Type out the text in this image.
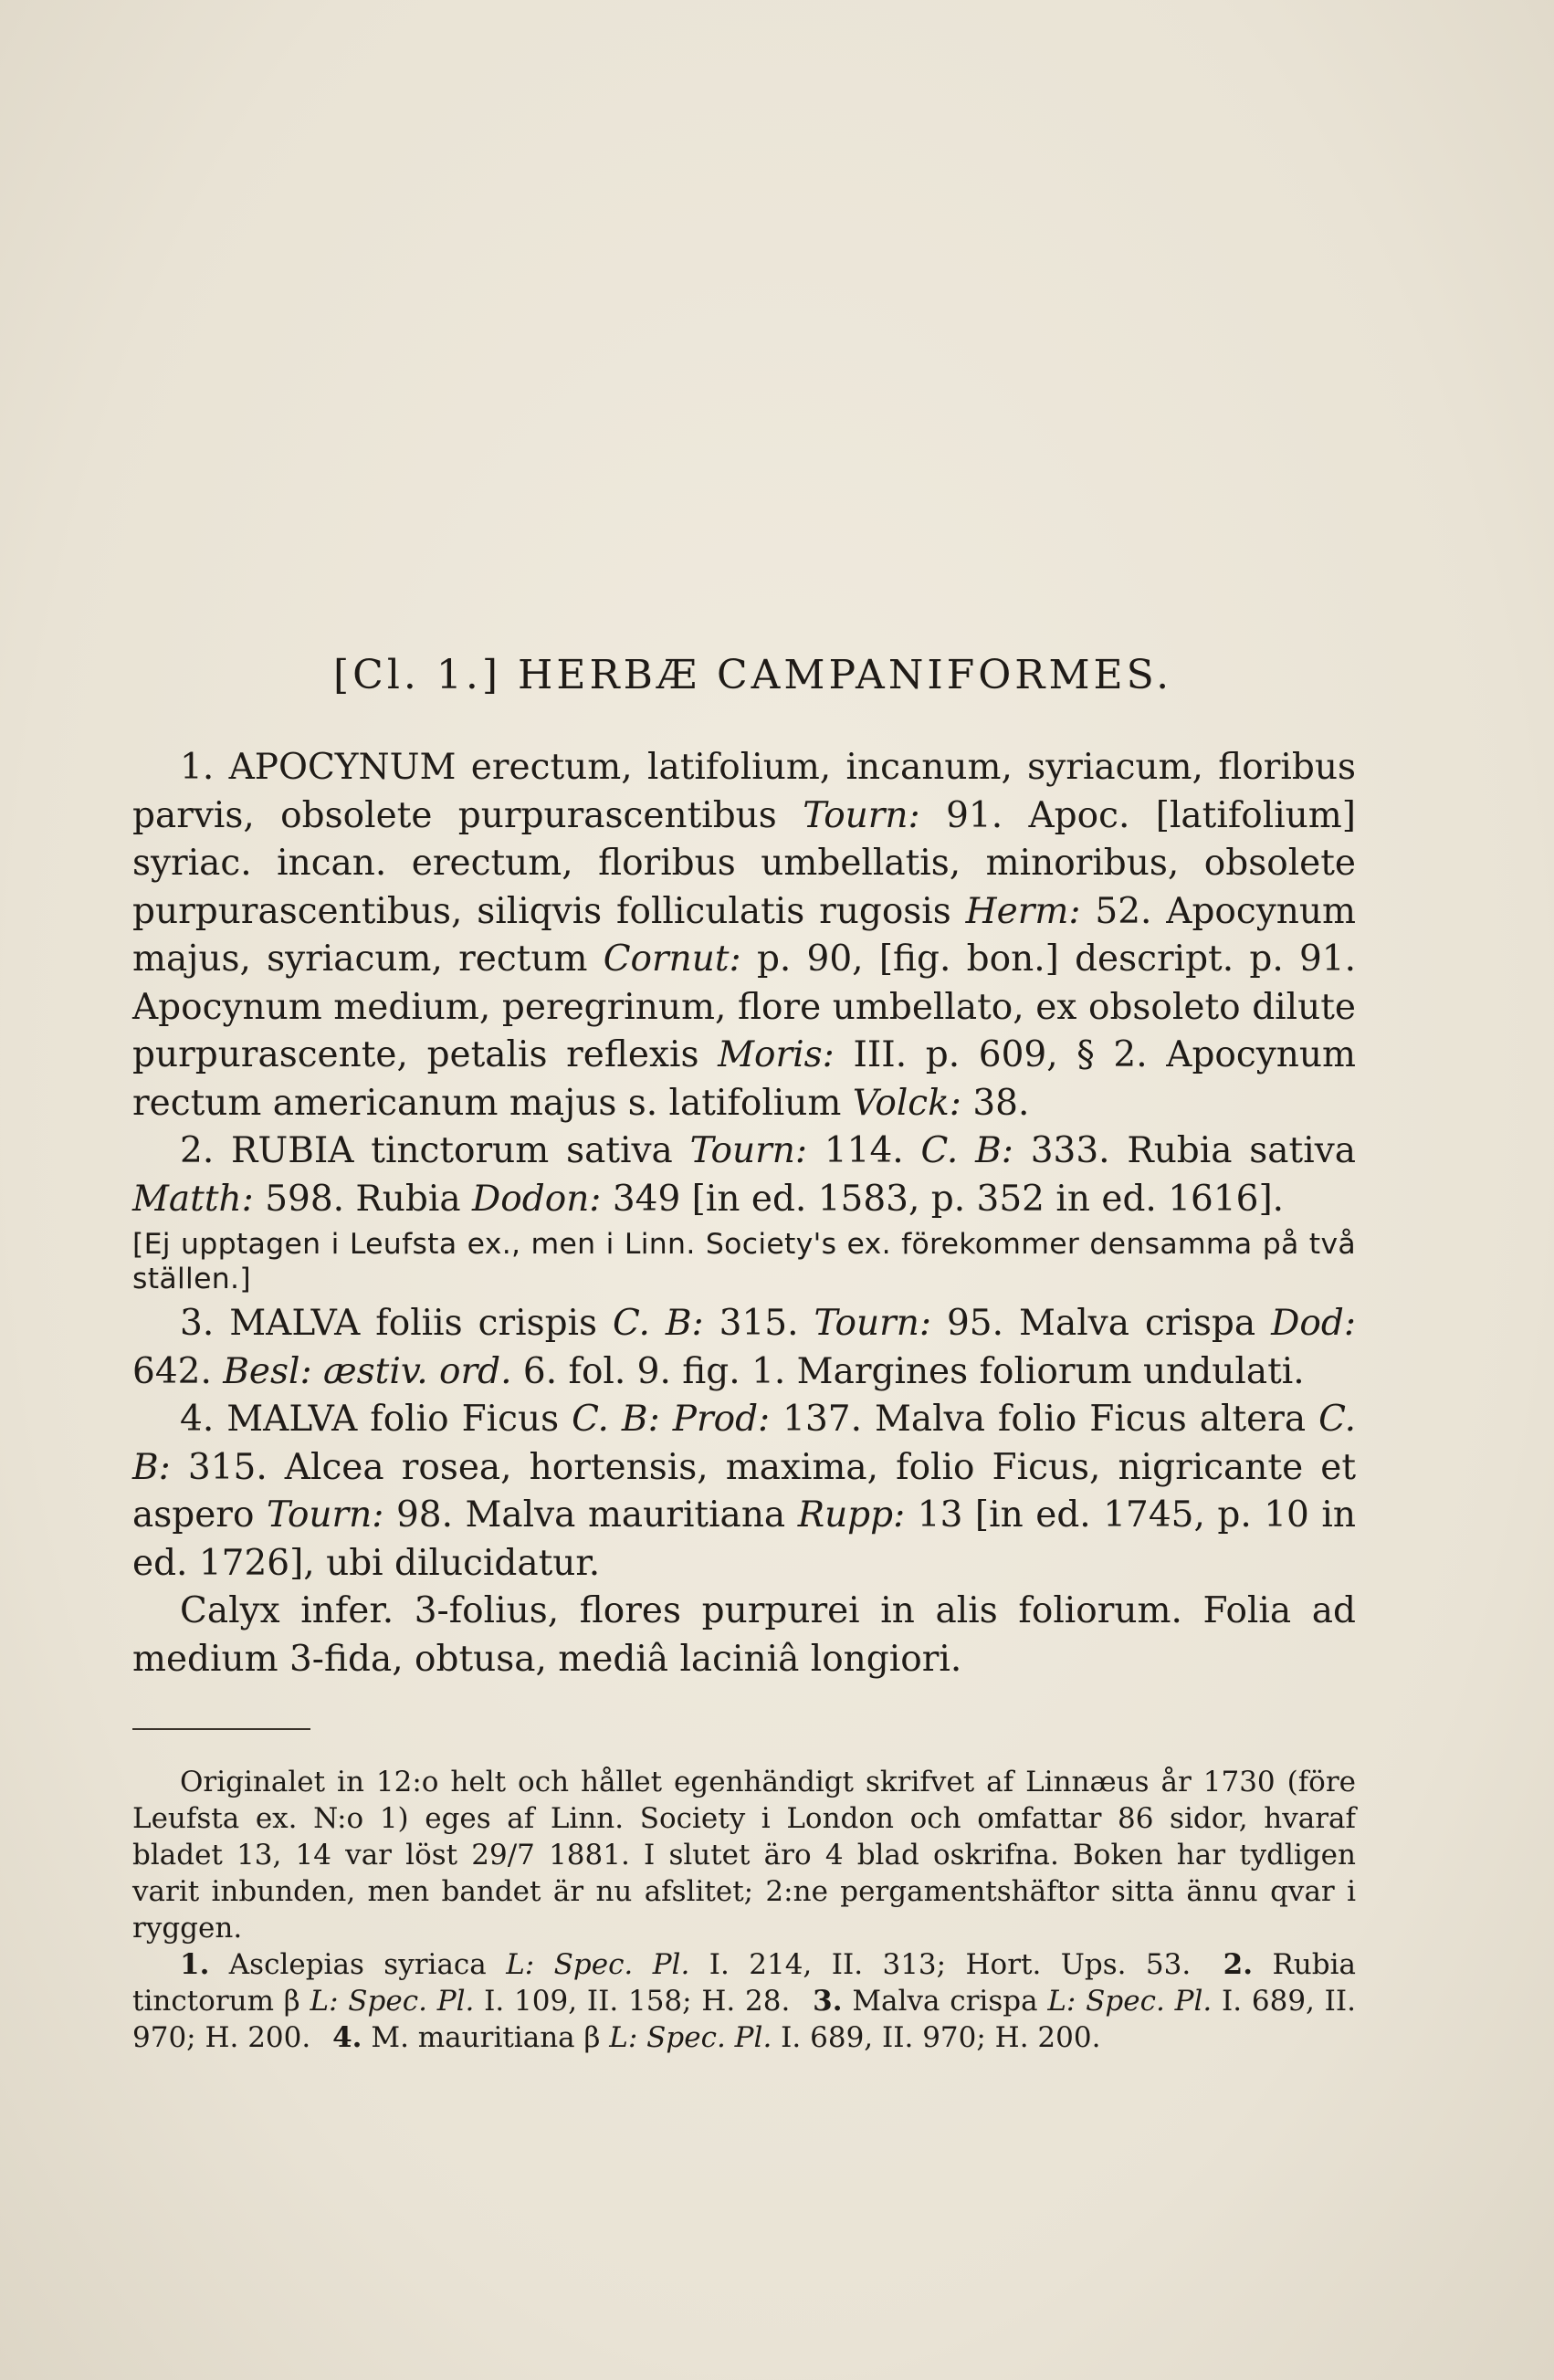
[Cl. 1.] HERBÆ CAMPANIFORMES.

1. APOCYNUM erectum, latifolium, incanum, syriacum, floribus parvis, obsolete purpurascentibus Tourn: 91. Apoc. [latifolium] syriac. incan. erectum, floribus umbellatis, minoribus, obsolete purpurascentibus, siliqvis folliculatis rugosis Herm: 52. Apocynum majus, syriacum, rectum Cornut: p. 90, [fig. bon.] descript. p. 91. Apocynum medium, peregrinum, flore umbellato, ex obsoleto dilute purpurascente, petalis reflexis Moris: III. p. 609, § 2. Apocynum rectum americanum majus s. latifolium Volck: 38.

2. RUBIA tinctorum sativa Tourn: 114. C. B: 333. Rubia sativa Matth: 598. Rubia Dodon: 349 [in ed. 1583, p. 352 in ed. 1616].

[Ej upptagen i Leufsta ex., men i Linn. Society's ex. förekommer densamma på två ställen.]

3. MALVA foliis crispis C. B: 315. Tourn: 95. Malva crispa Dod: 642. Besl: æstiv. ord. 6. fol. 9. fig. 1. Margines foliorum undulati.

4. MALVA folio Ficus C. B: Prod: 137. Malva folio Ficus altera C. B: 315. Alcea rosea, hortensis, maxima, folio Ficus, nigricante et aspero Tourn: 98. Malva mauritiana Rupp: 13 [in ed. 1745, p. 10 in ed. 1726], ubi dilucidatur.

Calyx infer. 3-folius, flores purpurei in alis foliorum. Folia ad medium 3-fida, obtusa, mediâ laciniâ longiori.

Originalet in 12:o helt och hållet egenhändigt skrifvet af Linnæus år 1730 (före Leufsta ex. N:o 1) eges af Linn. Society i London och omfattar 86 sidor, hvaraf bladet 13, 14 var löst 29/7 1881. I slutet äro 4 blad oskrifna. Boken har tydligen varit inbunden, men bandet är nu afslitet; 2:ne pergamentshäftor sitta ännu qvar i ryggen.

1. Asclepias syriaca L: Spec. Pl. I. 214, II. 313; Hort. Ups. 53. 2. Rubia tinctorum β L: Spec. Pl. I. 109, II. 158; H. 28. 3. Malva crispa L: Spec. Pl. I. 689, II. 970; H. 200. 4. M. mauritiana β L: Spec. Pl. I. 689, II. 970; H. 200.
